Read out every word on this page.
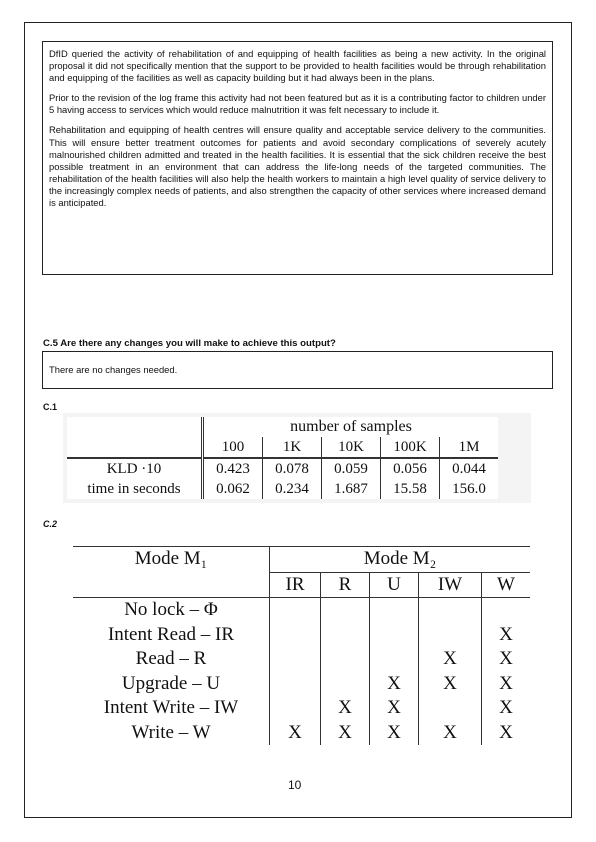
DfID queried the activity of rehabilitation of and equipping of health facilities as being a new activity. In the original proposal it did not specifically mention that the support to be provided to health facilities would be through rehabilitation and equipping of the facilities as well as capacity building but it had always been in the plans.

Prior to the revision of the log frame this activity had not been featured but as it is a contributing factor to children under 5 having access to services which would reduce malnutrition it was felt necessary to include it.

Rehabilitation and equipping of health centres will ensure quality and acceptable service delivery to the communities. This will ensure better treatment outcomes for patients and avoid secondary complications of severely acutely malnourished children admitted and treated in the health facilities. It is essential that the sick children receive the best possible treatment in an environment that can address the life-long needs of the targeted communities. The rehabilitation of the health facilities will also help the health workers to maintain a high level quality of service delivery to the increasingly complex needs of patients, and also strengthen the capacity of other services where increased demand is anticipated.

C.5 Are there any changes you will make to achieve this output?
There are no changes needed.
C.1
	number of samples				
	100	1K	10K	100K	1M
KLD ·10	0.423	0.078	0.059	0.056	0.044
time in seconds	0.062	0.234	1.687	15.58	156.0
C.2
Mode M₁	Mode M₂				
	IR	R	U	IW	W
No lock – Φ					
Intent Read – IR					X
Read – R				X	X
Upgrade – U			X	X	X
Intent Write – IW		X	X		X
Write – W	X	X	X	X	X
10
